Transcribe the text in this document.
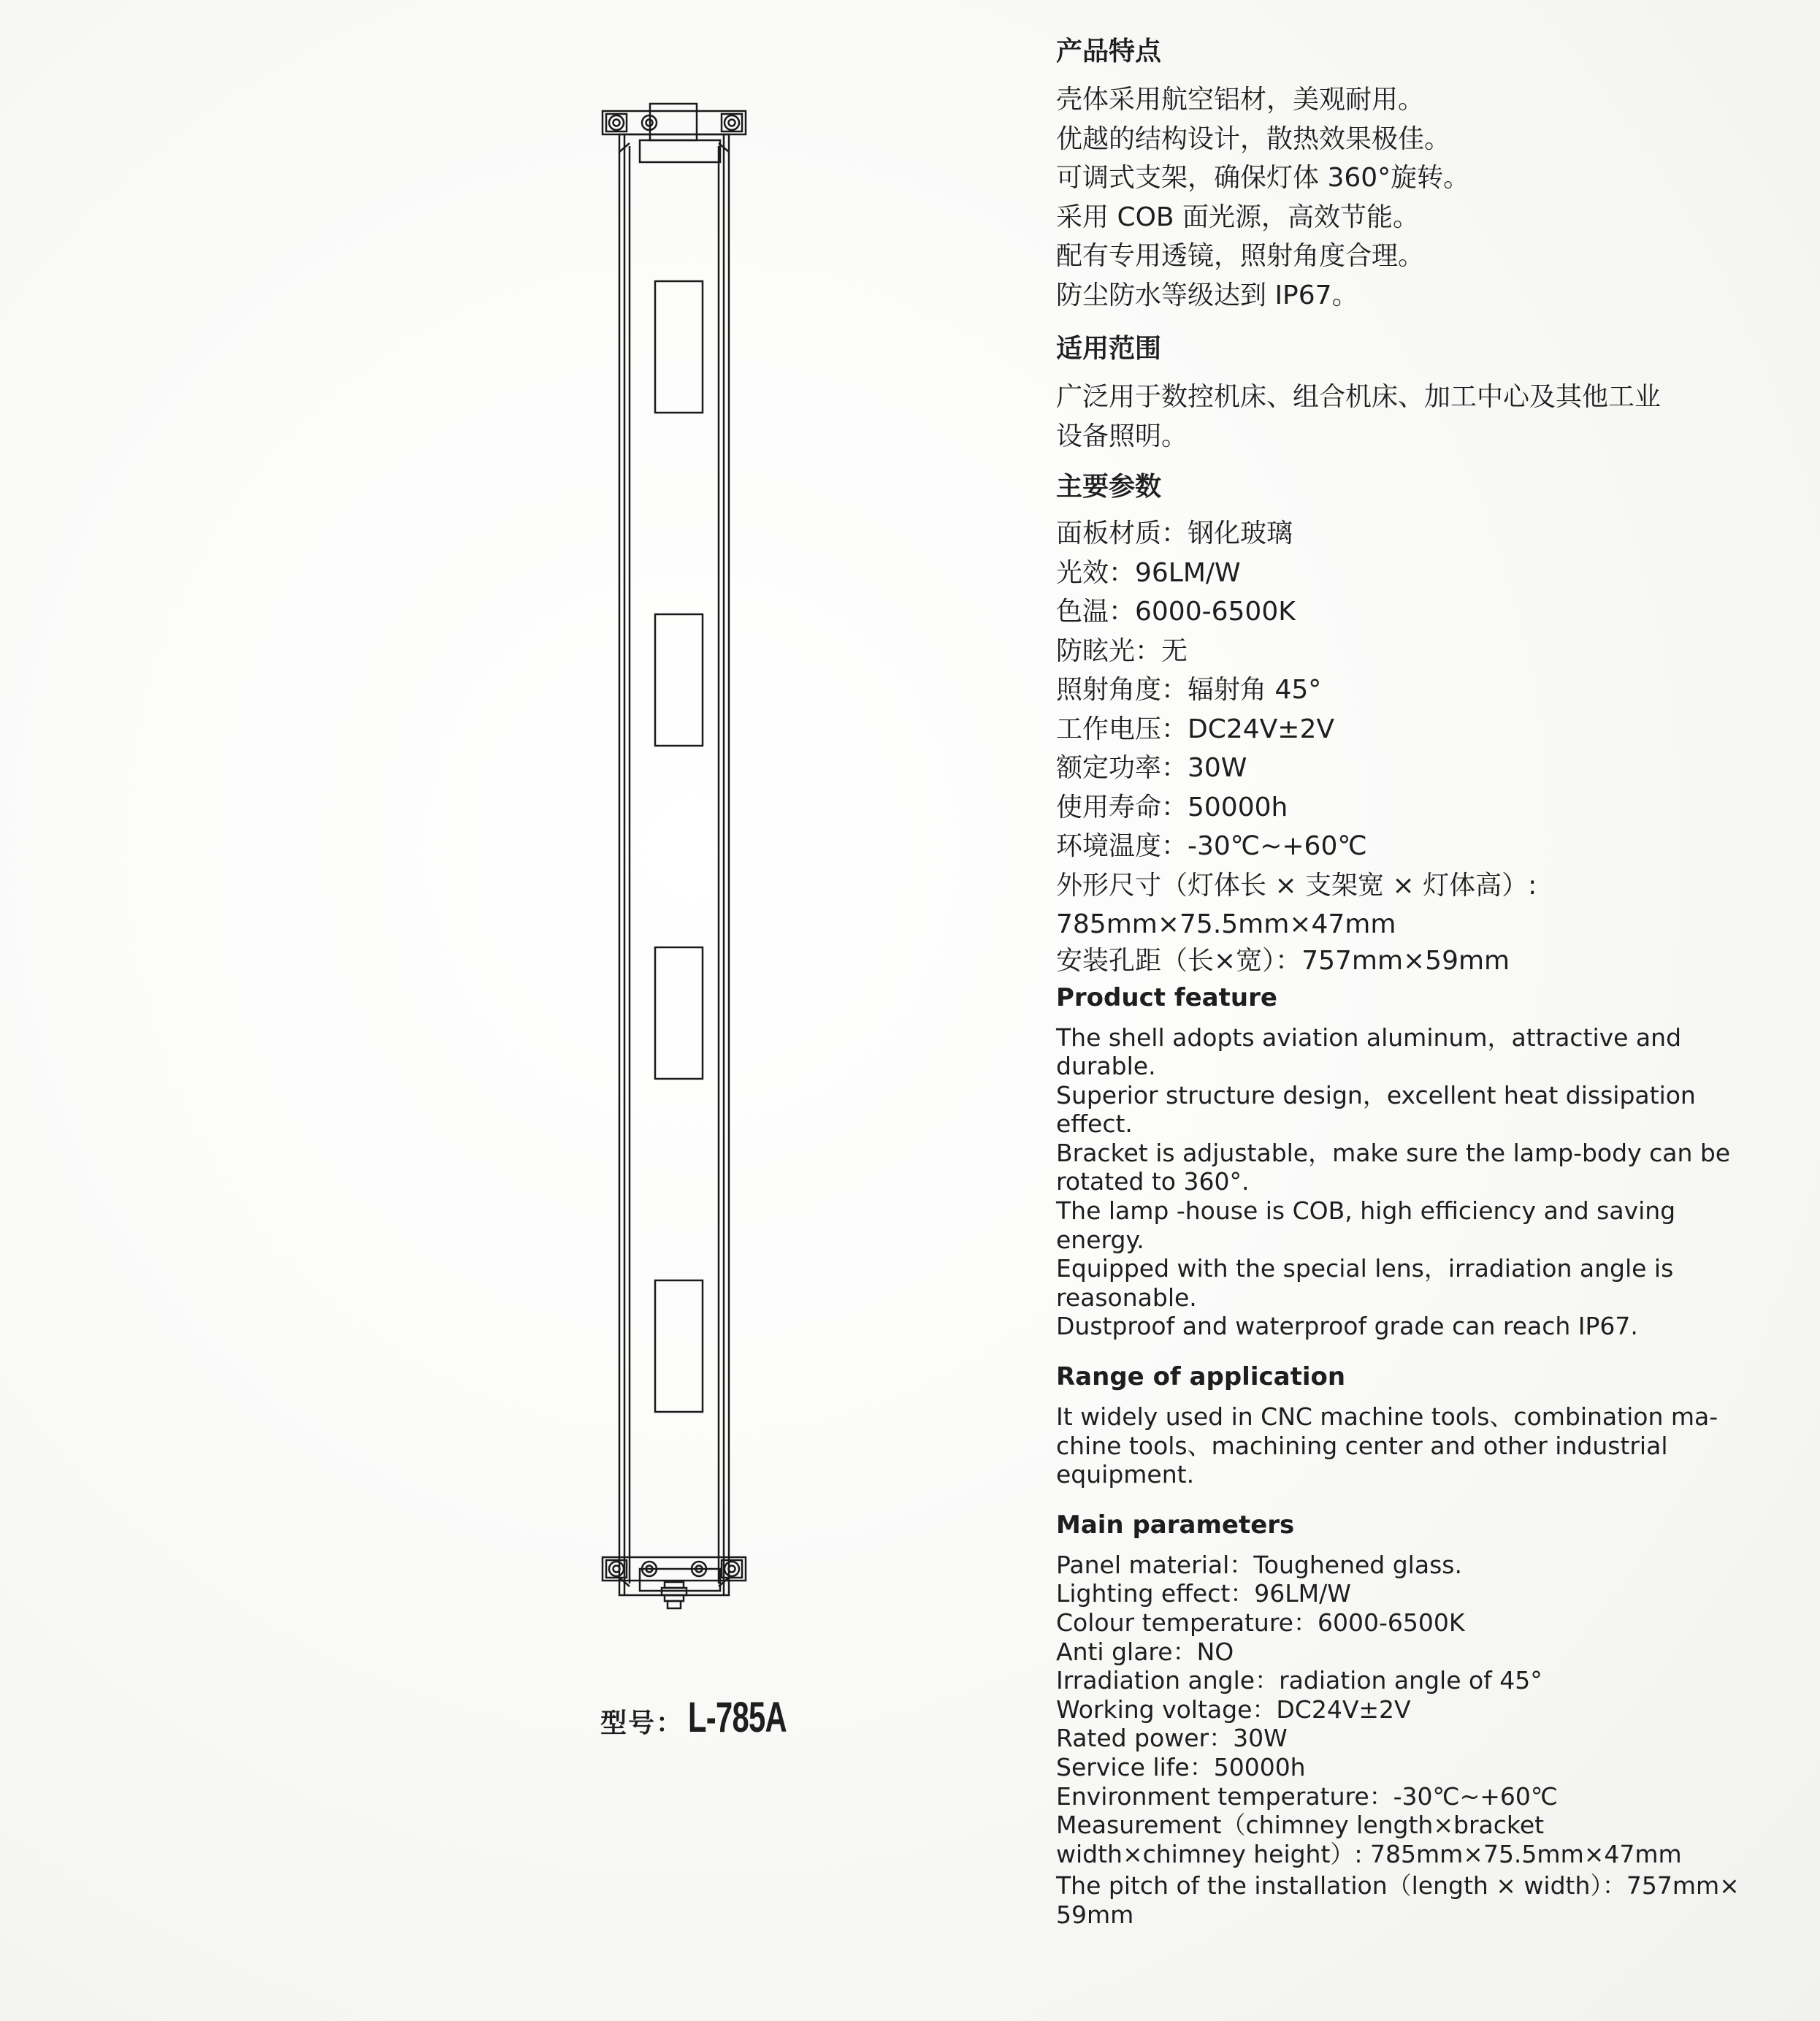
型号： L-785A
产品特点
壳体采用航空铝材，美观耐用。
优越的结构设计，散热效果极佳。
可调式支架，确保灯体 360°旋转。
采用 COB 面光源，高效节能。
配有专用透镜，照射角度合理。
防尘防水等级达到 IP67。
适用范围
广泛用于数控机床、组合机床、加工中心及其他工业
设备照明。
主要参数
面板材质：钢化玻璃
光效：96LM/W
色温：6000-6500K
防眩光：无
照射角度：辐射角 45°
工作电压：DC24V±2V
额定功率：30W
使用寿命：50000h
环境温度：-30℃~+60℃
外形尺寸（灯体长 × 支架宽 × 灯体高）:
785mm×75.5mm×47mm
安装孔距（长×宽）：757mm×59mm
Product feature
The shell adopts aviation aluminum，attractive and
durable.
Superior structure design，excellent heat dissipation
effect.
Bracket is adjustable，make sure the lamp-body can be
rotated to 360°.
The lamp -house is COB, high efficiency and saving
energy.
Equipped with the special lens，irradiation angle is
reasonable.
Dustproof and waterproof grade can reach IP67.
Range of application
It widely used in CNC machine tools、combination ma-
chine tools、machining center and other industrial
equipment.
Main parameters
Panel material：Toughened glass.
Lighting effect：96LM/W
Colour temperature：6000-6500K
Anti glare：NO
Irradiation angle：radiation angle of 45°
Working voltage：DC24V±2V
Rated power：30W
Service life：50000h
Environment temperature：-30℃~+60℃
Measurement（chimney length×bracket
width×chimney height）: 785mm×75.5mm×47mm
The pitch of the installation（length × width）：757mm×
59mm
